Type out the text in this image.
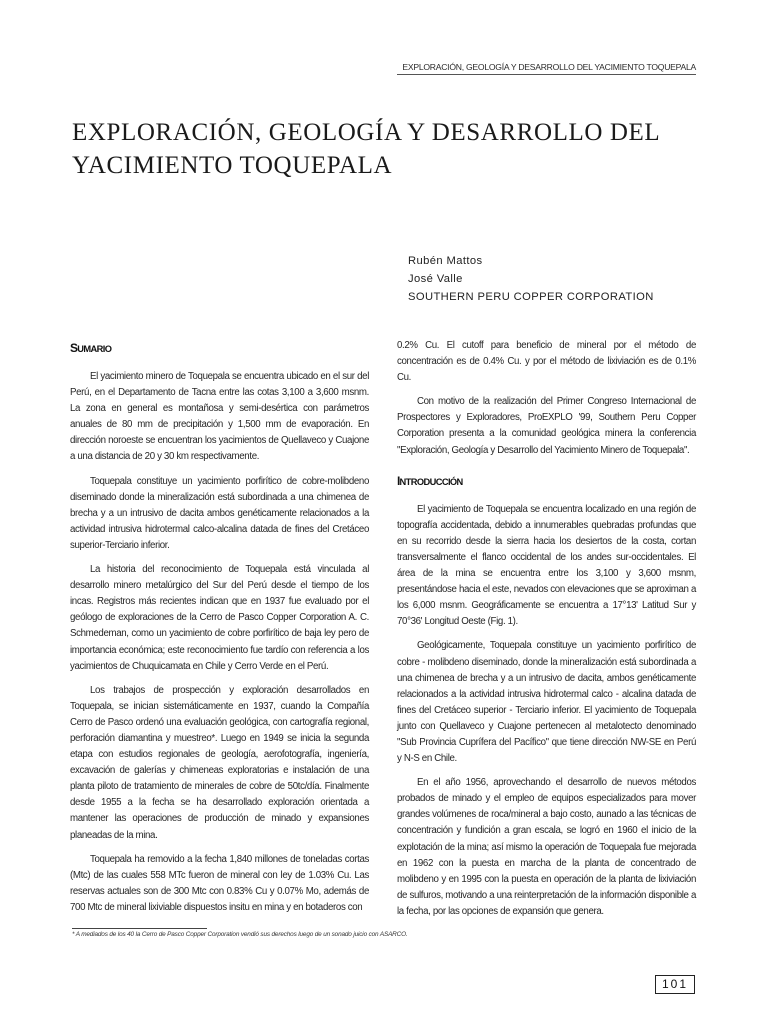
EXPLORACIÓN, GEOLOGÍA Y DESARROLLO DEL YACIMIENTO TOQUEPALA
EXPLORACIÓN, GEOLOGÍA Y DESARROLLO DEL YACIMIENTO TOQUEPALA
Rubén Mattos
José Valle
SOUTHERN PERU COPPER CORPORATION
SUMARIO

El yacimiento minero de Toquepala se encuentra ubicado en el sur del Perú, en el Departamento de Tacna entre las cotas 3,100 a 3,600 msnm. La zona en general es montañosa y semi-desértica con parámetros anuales de 80 mm de precipitación y 1,500 mm de evaporación. En dirección noroeste se encuentran los yacimientos de Quellaveco y Cuajone a una distancia de 20 y 30 km respectivamente.

Toquepala constituye un yacimiento porfirítico de cobre-molibdeno diseminado donde la mineralización está subordinada a una chimenea de brecha y a un intrusivo de dacita ambos genéticamente relacionados a la actividad intrusiva hidrotermal calco-alcalina datada de fines del Cretáceo superior-Terciario inferior.

La historia del reconocimiento de Toquepala está vinculada al desarrollo minero metalúrgico del Sur del Perú desde el tiempo de los incas. Registros más recientes indican que en 1937 fue evaluado por el geólogo de exploraciones de la Cerro de Pasco Copper Corporation A. C. Schmedeman, como un yacimiento de cobre porfirítico de baja ley pero de importancia económica; este reconocimiento fue tardío con referencia a los yacimientos de Chuquicamata en Chile y Cerro Verde en el Perú.

Los trabajos de prospección y exploración desarrollados en Toquepala, se inician sistemáticamente en 1937, cuando la Compañía Cerro de Pasco ordenó una evaluación geológica, con cartografía regional, perforación diamantina y muestreo*. Luego en 1949 se inicia la segunda etapa con estudios regionales de geología, aerofotografía, ingeniería, excavación de galerías y chimeneas exploratorias e instalación de una planta piloto de tratamiento de minerales de cobre de 50tc/día. Finalmente desde 1955 a la fecha se ha desarrollado exploración orientada a mantener las operaciones de producción de minado y expansiones planeadas de la mina.

Toquepala ha removido a la fecha 1,840 millones de toneladas cortas (Mtc) de las cuales 558 MTc fueron de mineral con ley de 1.03% Cu. Las reservas actuales son de 300 Mtc con 0.83% Cu y 0.07% Mo, además de 700 Mtc de mineral lixiviable dispuestos insitu en mina y en botaderos con

0.2% Cu. El cutoff para beneficio de mineral por el método de concentración es de 0.4% Cu. y por el método de lixiviación es de 0.1% Cu.

Con motivo de la realización del Primer Congreso Internacional de Prospectores y Exploradores, ProEXPLO '99, Southern Peru Copper Corporation presenta a la comunidad geológica minera la conferencia "Exploración, Geología y Desarrollo del Yacimiento Minero de Toquepala".

INTRODUCCIÓN

El yacimiento de Toquepala se encuentra localizado en una región de topografía accidentada, debido a innumerables quebradas profundas que en su recorrido desde la sierra hacia los desiertos de la costa, cortan transversalmente el flanco occidental de los andes sur-occidentales. El área de la mina se encuentra entre los 3,100 y 3,600 msnm, presentándose hacia el este, nevados con elevaciones que se aproximan a los 6,000 msnm. Geográficamente se encuentra a 17°13' Latitud Sur y 70°36' Longitud Oeste (Fig. 1).

Geológicamente, Toquepala constituye un yacimiento porfirítico de cobre - molibdeno diseminado, donde la mineralización está subordinada a una chimenea de brecha y a un intrusivo de dacita, ambos genéticamente relacionados a la actividad intrusiva hidrotermal calco - alcalina datada de fines del Cretáceo superior - Terciario inferior. El yacimiento de Toquepala junto con Quellaveco y Cuajone pertenecen al metalotecto denominado "Sub Provincia Cuprífera del Pacífico" que tiene dirección NW-SE en Perú y N-S en Chile.

En el año 1956, aprovechando el desarrollo de nuevos métodos probados de minado y el empleo de equipos especializados para mover grandes volúmenes de roca/mineral a bajo costo, aunado a las técnicas de concentración y fundición a gran escala, se logró en 1960 el inicio de la explotación de la mina; así mismo la operación de Toquepala fue mejorada en 1962 con la puesta en marcha de la planta de concentrado de molibdeno y en 1995 con la puesta en operación de la planta de lixiviación de sulfuros, motivando a una reinterpretación de la información disponible a la fecha, por las opciones de expansión que genera.

* A mediados de los 40 la Cerro de Pasco Copper Corporation vendió sus derechos luego de un sonado juicio con ASARCO.
101
